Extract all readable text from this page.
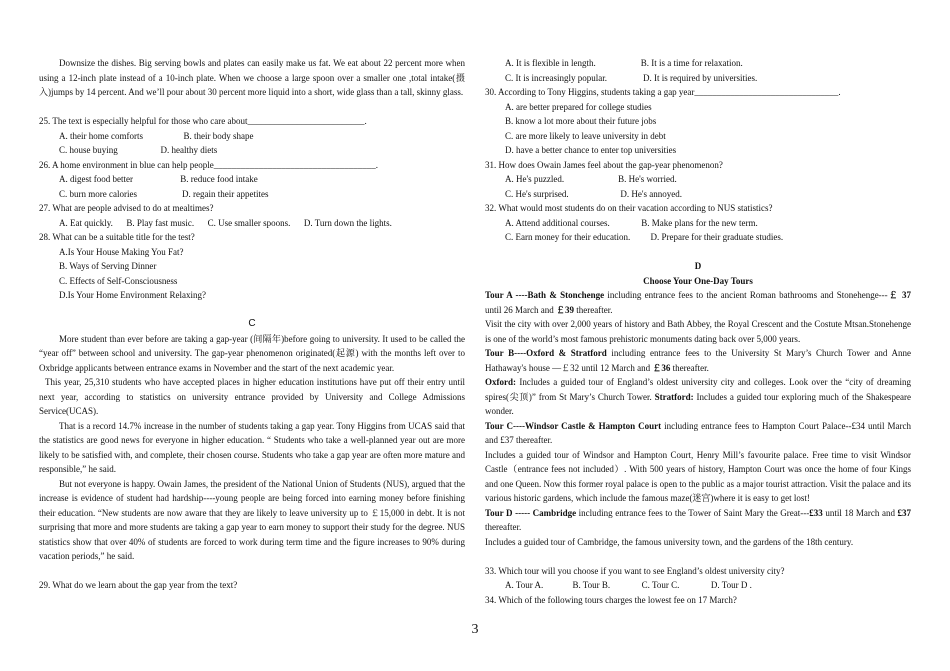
Downsize the dishes. Big serving bowls and plates can easily make us fat. We eat about 22 percent more when using a 12-inch plate instead of a 10-inch plate. When we choose a large spoon over a smaller one ,total intake(摄入)jumps by 14 percent. And we’ll pour about 30 percent more liquid into a short, wide glass than a tall, skinny glass.

25. The text is especially helpful for those who care about__________________________.

A. their home comforts                  B. their body shape

C. house buying                   D. healthy diets

26. A home environment in blue can help people____________________________________.

A. digest food better                     B. reduce food intake

C. burn more calories                    D. regain their appetites

27. What are people advised to do at mealtimes?

A. Eat quickly.      B. Play fast music.      C. Use smaller spoons.      D. Turn down the lights.

28. What can be a suitable title for the test?

A.Is Your House Making You Fat?

B. Ways of Serving Dinner

C. Effects of Self-Consciousness

D.Is Your Home Environment Relaxing?

C

More student than ever before are taking a gap-year (间隔年)before going to university. It used to be called the “year off” between school and university. The gap-year phenomenon originated(起源) with the months left over to Oxbridge applicants between entrance exams in November and the start of the next academic year.

This year, 25,310 students who have accepted places in higher education institutions have put off their entry until next year, according to statistics on university entrance provided by University and College Admissions Service(UCAS).

That is a record 14.7% increase in the number of students taking a gap year. Tony Higgins from UCAS said that the statistics are good news for everyone in higher education. “ Students who take a well-planned year out are more likely to be satisfied with, and complete, their chosen course. Students who take a gap year are often more mature and responsible,” he said.

But not everyone is happy. Owain James, the president of the National Union of Students (NUS), argued that the increase is evidence of student had hardship----young people are being forced into earning money before finishing their education. “New students are now aware that they are likely to leave university up to ￡15,000 in debt. It is not surprising that more and more students are taking a gap year to earn money to support their study for the degree. NUS statistics show that over 40% of students are forced to work during term time and the figure increases to 90% during vacation periods,” he said.

29. What do we learn about the gap year from the text?

A. It is flexible in length.                    B. It is a time for relaxation.

C. It is increasingly popular.                D. It is required by universities.

30. According to Tony Higgins, students taking a gap year________________________________.

A. are better prepared for college studies

B. know a lot more about their future jobs

C. are more likely to leave university in debt

D. have a better chance to enter top universities

31. How does Owain James feel about the gap-year phenomenon?

A. He's puzzled.                        B. He's worried.

C. He's surprised.                       D. He's annoyed.

32. What would most students do on their vacation according to NUS statistics?

A. Attend additional courses.              B. Make plans for the new term.

C. Earn money for their education.         D. Prepare for their graduate studies.

D

Choose Your One-Day Tours

Tour A ----Bath & Stonchenge including entrance fees to the ancient Roman bathrooms and Stonehenge---￡ 37 until 26 March and ￡39 thereafter.

Visit the city with over 2,000 years of history and Bath Abbey, the Royal Crescent and the Costute Mtsan.Stonehenge is one of the world’s most famous prehistoric monuments dating back over 5,000 years.

Tour B----Oxford & Stratford including entrance fees to the University St Mary’s Church Tower and Anne Hathaway's house —￡32 until 12 March and ￡36 thereafter.

Oxford: Includes a guided tour of England’s oldest university city and colleges. Look over the “city of dreaming spires(尖顶)” from St Mary’s Church Tower. Stratford: Includes a guided tour exploring much of the Shakespeare wonder.

Tour C----Windsor Castle & Hampton Court including entrance fees to Hampton Court Palace--£34 until March and £37 thereafter.

Includes a guided tour of Windsor and Hampton Court, Henry Mill’s favourite palace. Free time to visit Windsor Castle（entrance fees not included）. With 500 years of history, Hampton Court was once the home of four Kings and one Queen. Now this former royal palace is open to the public as a major tourist attraction. Visit the palace and its various historic gardens, which include the famous maze(迷宫)where it is easy to get lost!

Tour D ----- Cambridge including entrance fees to the Tower of Saint Mary the Great---£33 until 18 March and £37 thereafter.

Includes a guided tour of Cambridge, the famous university town, and the gardens of the 18th century.

33. Which tour will you choose if you want to see England’s oldest university city?

A. Tour A.             B. Tour B.              C. Tour C.              D. Tour D .

34. Which of the following tours charges the lowest fee on 17 March?

3
